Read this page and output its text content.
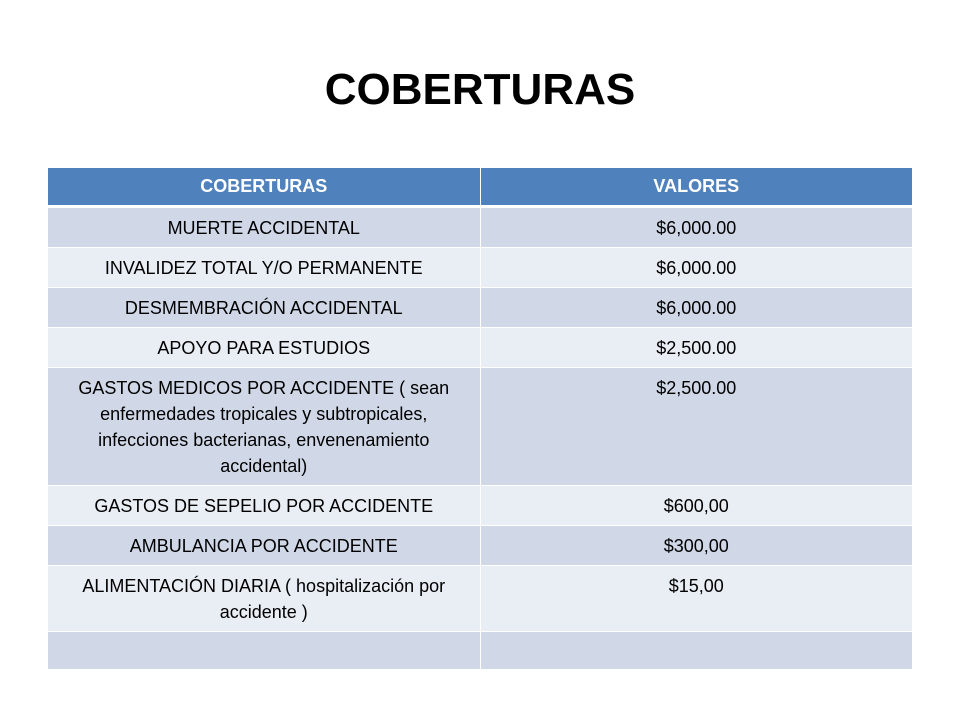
COBERTURAS
COBERTURAS	VALORES
MUERTE ACCIDENTAL	$6,000.00
INVALIDEZ TOTAL Y/O PERMANENTE	$6,000.00
DESMEMBRACIÓN ACCIDENTAL	$6,000.00
APOYO PARA ESTUDIOS	$2,500.00
GASTOS MEDICOS POR ACCIDENTE ( sean enfermedades tropicales y subtropicales, infecciones bacterianas, envenenamiento accidental)	$2,500.00
GASTOS DE SEPELIO POR ACCIDENTE	$600,00
AMBULANCIA POR ACCIDENTE	$300,00
ALIMENTACIÓN DIARIA ( hospitalización por accidente )	$15,00
